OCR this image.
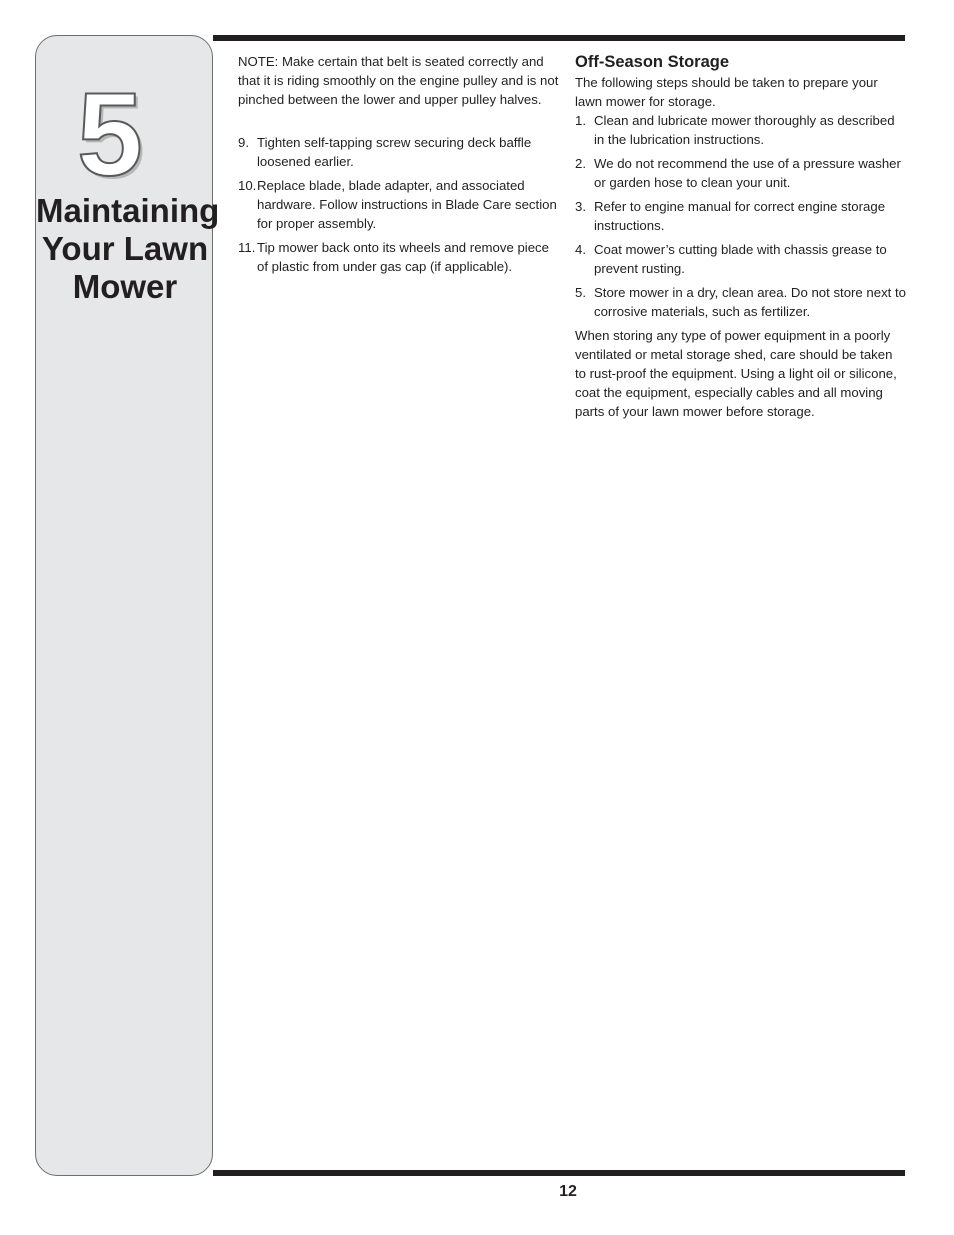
5
Maintaining
Your Lawn
Mower

NOTE: Make certain that belt is seated correctly and that it is riding smoothly on the engine pulley and is not pinched between the lower and upper pulley halves.

9. Tighten self-tapping screw securing deck baffle loosened earlier.
10. Replace blade, blade adapter, and associated hardware. Follow instructions in Blade Care section for proper assembly.
11. Tip mower back onto its wheels and remove piece of plastic from under gas cap (if applicable).
Off-Season Storage

The following steps should be taken to prepare your lawn mower for storage.

1. Clean and lubricate mower thoroughly as described in the lubrication instructions.
2. We do not recommend the use of a pressure washer or garden hose to clean your unit.
3. Refer to engine manual for correct engine storage instructions.
4. Coat mower’s cutting blade with chassis grease to prevent rusting.
5. Store mower in a dry, clean area. Do not store next to corrosive materials, such as fertilizer.

When storing any type of power equipment in a poorly ventilated or metal storage shed, care should be taken to rust-proof the equipment. Using a light oil or silicone, coat the equipment, especially cables and all moving parts of your lawn mower before storage.

12
